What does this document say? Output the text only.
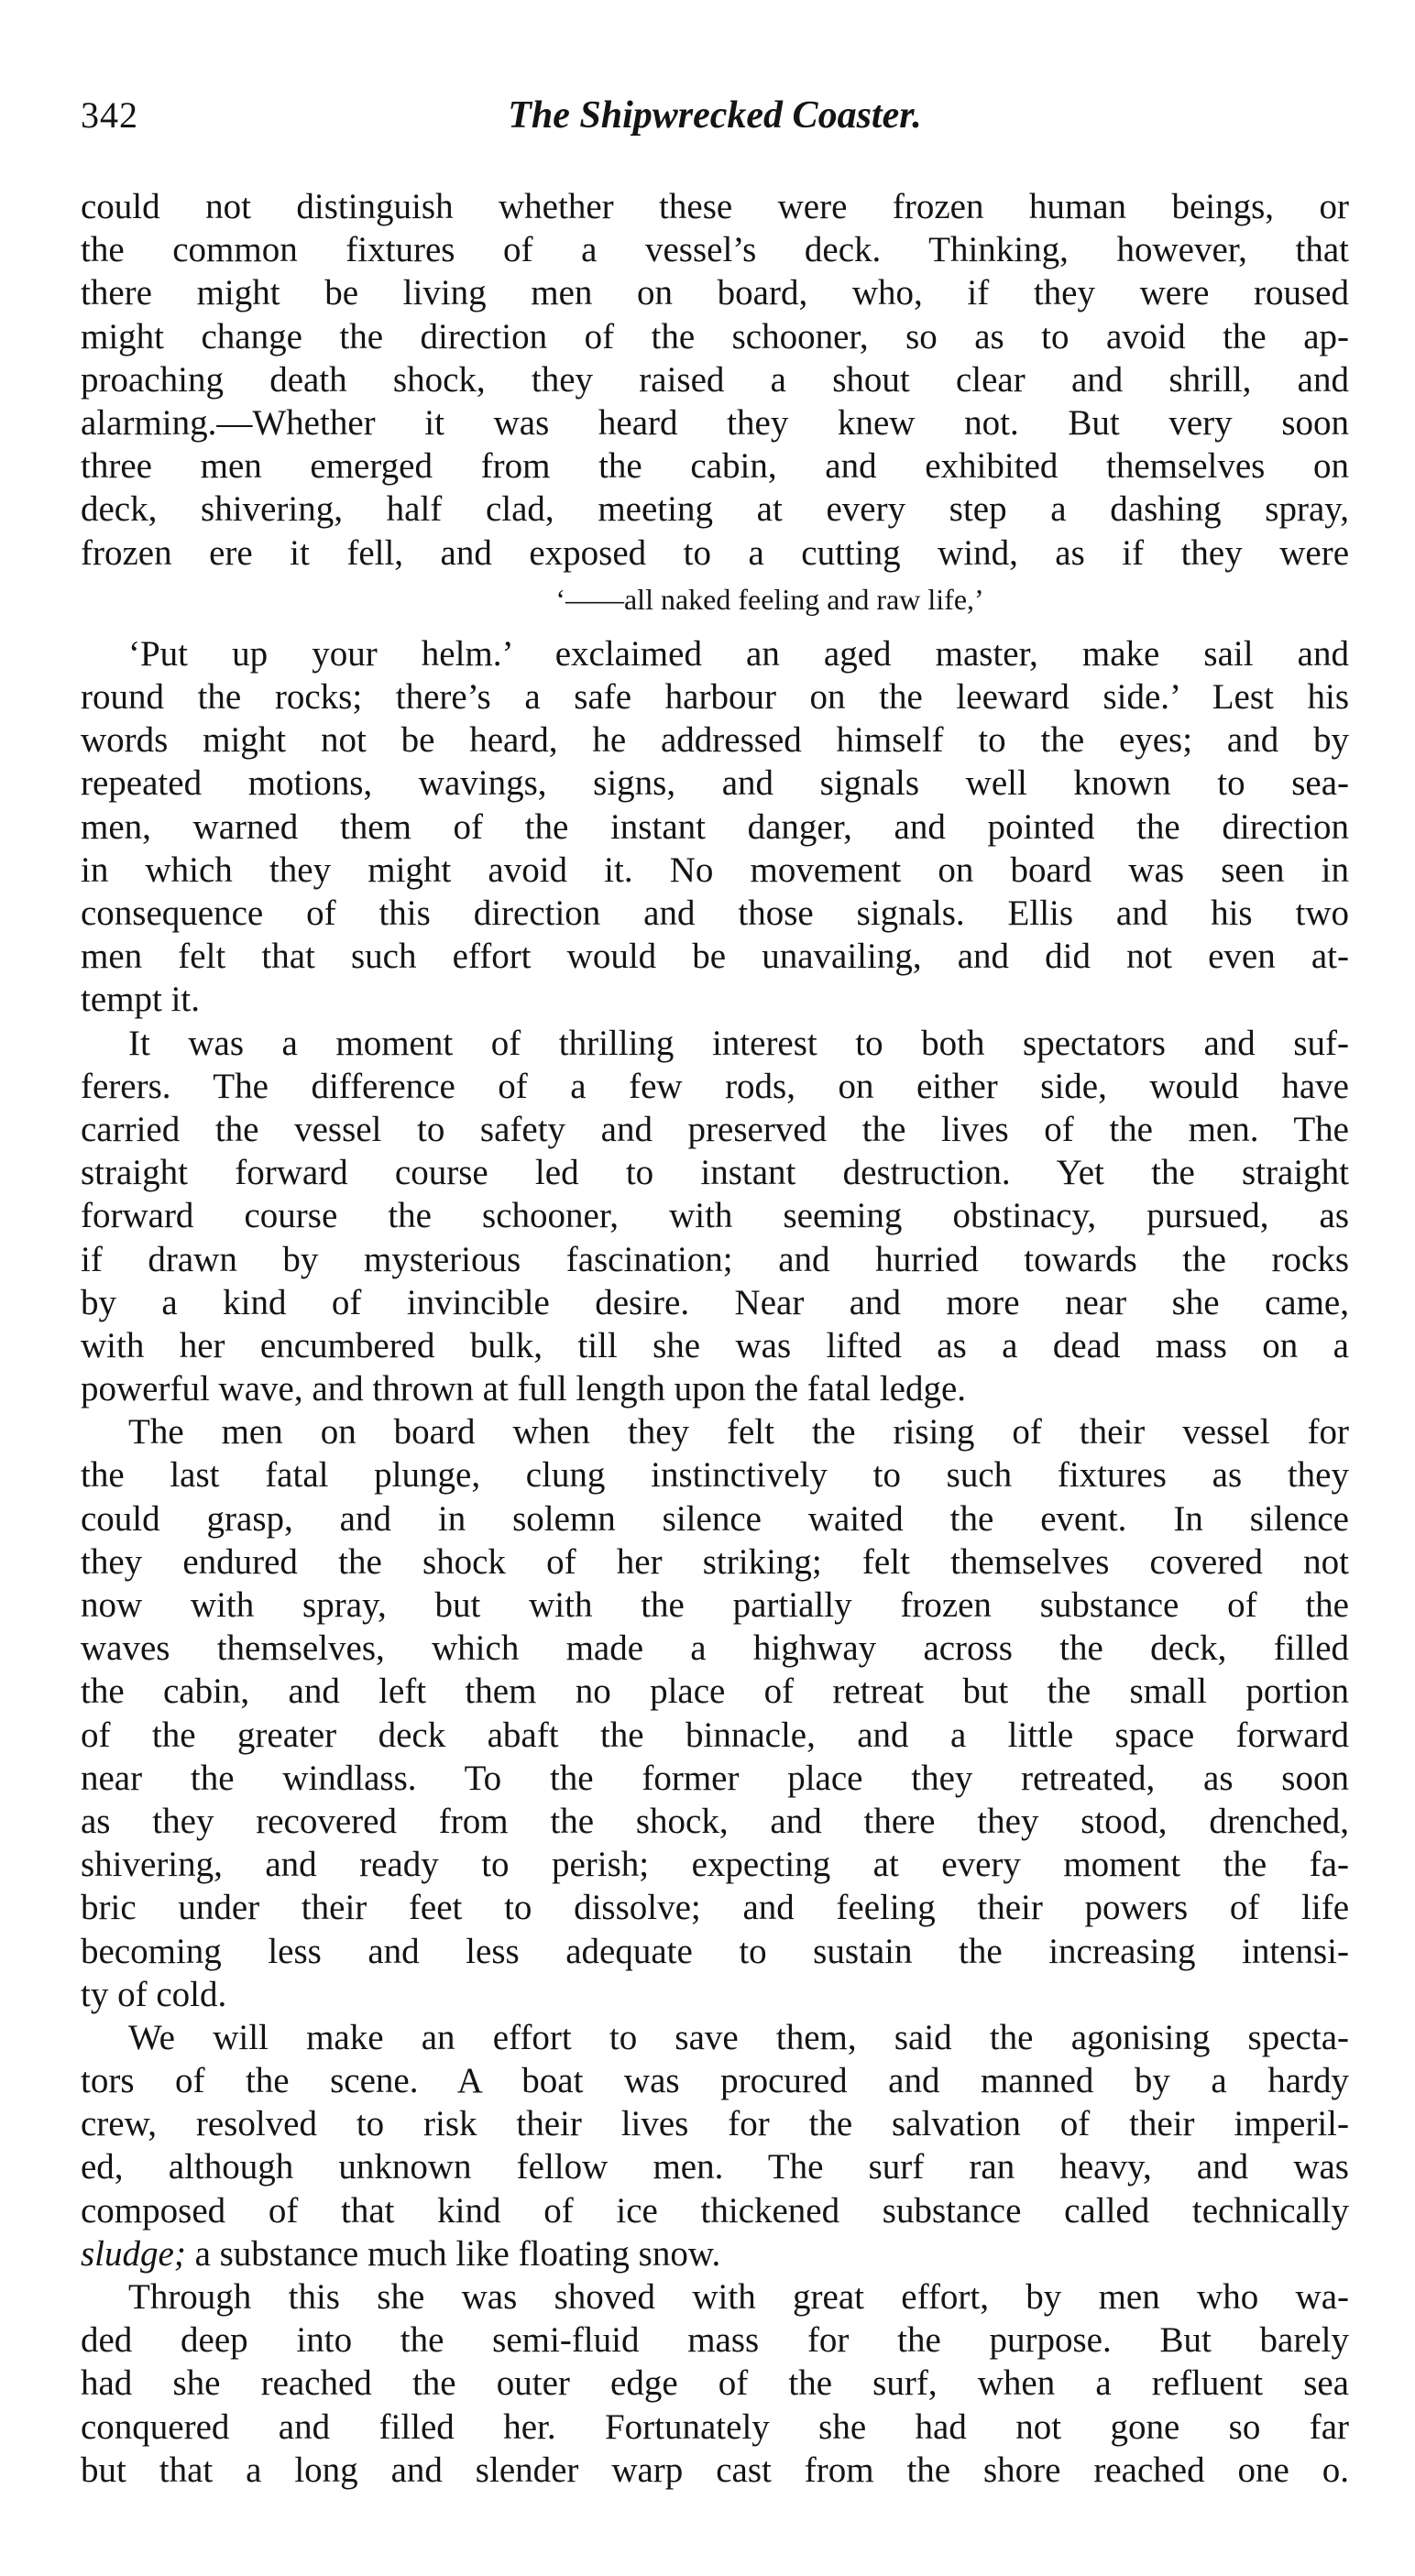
342	The Shipwrecked Coaster.
could not distinguish whether these were frozen human beings, or
the common fixtures of a vessel’s deck. Thinking, however, that
there might be living men on board, who, if they were roused
might change the direction of the schooner, so as to avoid the ap-
proaching death shock, they raised a shout clear and shrill, and
alarming.—Whether it was heard they knew not. But very soon
three men emerged from the cabin, and exhibited themselves on
deck, shivering, half clad, meeting at every step a dashing spray,
frozen ere it fell, and exposed to a cutting wind, as if they were
‘——all naked feeling and raw life,’
‘Put up your helm.’ exclaimed an aged master, make sail and
round the rocks; there’s a safe harbour on the leeward side.’ Lest his
words might not be heard, he addressed himself to the eyes; and by
repeated motions, wavings, signs, and signals well known to sea-
men, warned them of the instant danger, and pointed the direction
in which they might avoid it. No movement on board was seen in
consequence of this direction and those signals. Ellis and his two
men felt that such effort would be unavailing, and did not even at-
tempt it.
It was a moment of thrilling interest to both spectators and suf-
ferers. The difference of a few rods, on either side, would have
carried the vessel to safety and preserved the lives of the men. The
straight forward course led to instant destruction. Yet the straight
forward course the schooner, with seeming obstinacy, pursued, as
if drawn by mysterious fascination; and hurried towards the rocks
by a kind of invincible desire. Near and more near she came,
with her encumbered bulk, till she was lifted as a dead mass on a
powerful wave, and thrown at full length upon the fatal ledge.
The men on board when they felt the rising of their vessel for
the last fatal plunge, clung instinctively to such fixtures as they
could grasp, and in solemn silence waited the event. In silence
they endured the shock of her striking; felt themselves covered not
now with spray, but with the partially frozen substance of the
waves themselves, which made a highway across the deck, filled
the cabin, and left them no place of retreat but the small portion
of the greater deck abaft the binnacle, and a little space forward
near the windlass. To the former place they retreated, as soon
as they recovered from the shock, and there they stood, drenched,
shivering, and ready to perish; expecting at every moment the fa-
bric under their feet to dissolve; and feeling their powers of life
becoming less and less adequate to sustain the increasing intensi-
ty of cold.
We will make an effort to save them, said the agonising specta-
tors of the scene. A boat was procured and manned by a hardy
crew, resolved to risk their lives for the salvation of their imperil-
ed, although unknown fellow men. The surf ran heavy, and was
composed of that kind of ice thickened substance called technically
sludge; a substance much like floating snow.
Through this she was shoved with great effort, by men who wa-
ded deep into the semi-fluid mass for the purpose. But barely
had she reached the outer edge of the surf, when a refluent sea
conquered and filled her. Fortunately she had not gone so far
but that a long and slender warp cast from the shore reached one o.
